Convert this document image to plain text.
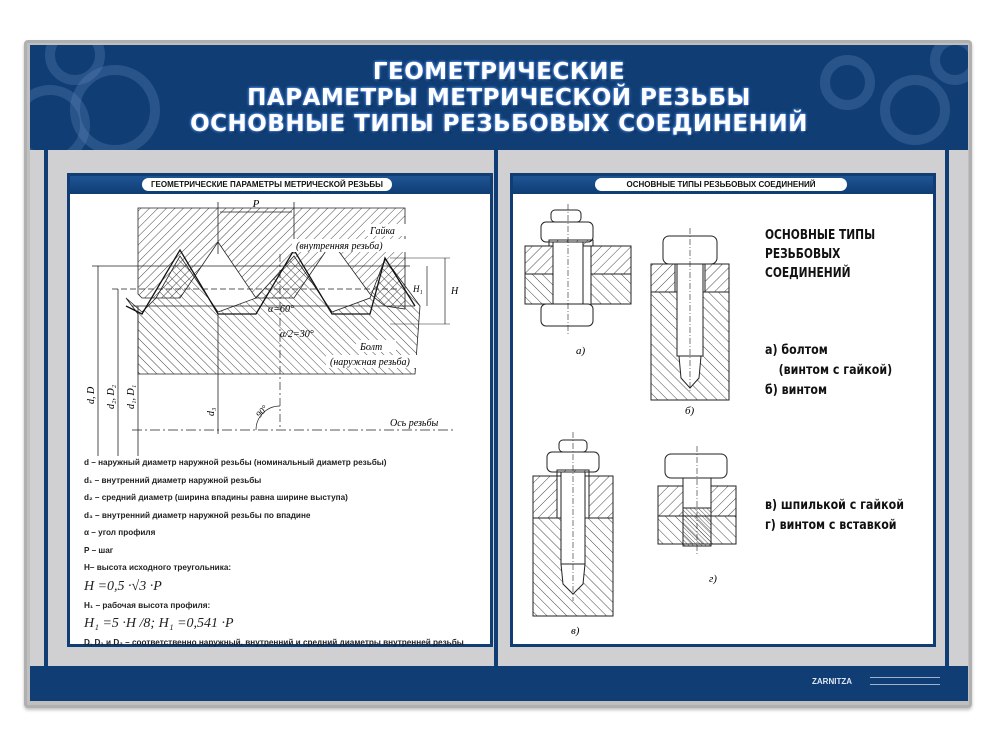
ГЕОМЕТРИЧЕСКИЕ
ПАРАМЕТРЫ МЕТРИЧЕСКОЙ РЕЗЬБЫ
ОСНОВНЫЕ ТИПЫ РЕЗЬБОВЫХ СОЕДИНЕНИЙ
ГЕОМЕТРИЧЕСКИЕ ПАРАМЕТРЫ МЕТРИЧЕСКОЙ РЕЗЬБЫ
P
Гайка
(внутренняя резьба)
Болт
(наружная резьба)
α=60°
α/2=30°
H₁	H
d, D d₂, D₂ d₁, D₁
d₃	90°
Ось резьбы
d – наружный диаметр наружной резьбы (номинальный диаметр резьбы)
d₁ – внутренний диаметр наружной резьбы
d₂ – средний диаметр (ширина впадины равна ширине выступа)
d₃ – внутренний диаметр наружной резьбы по впадине
α – угол профиля
P – шаг
H– высота исходного треугольника:
H =0,5 ·√3 ·P
H₁ – рабочая высота профиля:
H₁ =5 ·H /8; H₁ =0,541 ·P
D, D₁ и D₂ – соответственно наружный, внутренний и средний диаметры внутренней резьбы
ОСНОВНЫЕ ТИПЫ РЕЗЬБОВЫХ СОЕДИНЕНИЙ
а)
б)
в)
г)
ОСНОВНЫЕ ТИПЫ
РЕЗЬБОВЫХ
СОЕДИНЕНИЙ
а) болтом
(винтом с гайкой)
б) винтом
в) шпилькой с гайкой
г) винтом с вставкой
ZARNITZA
